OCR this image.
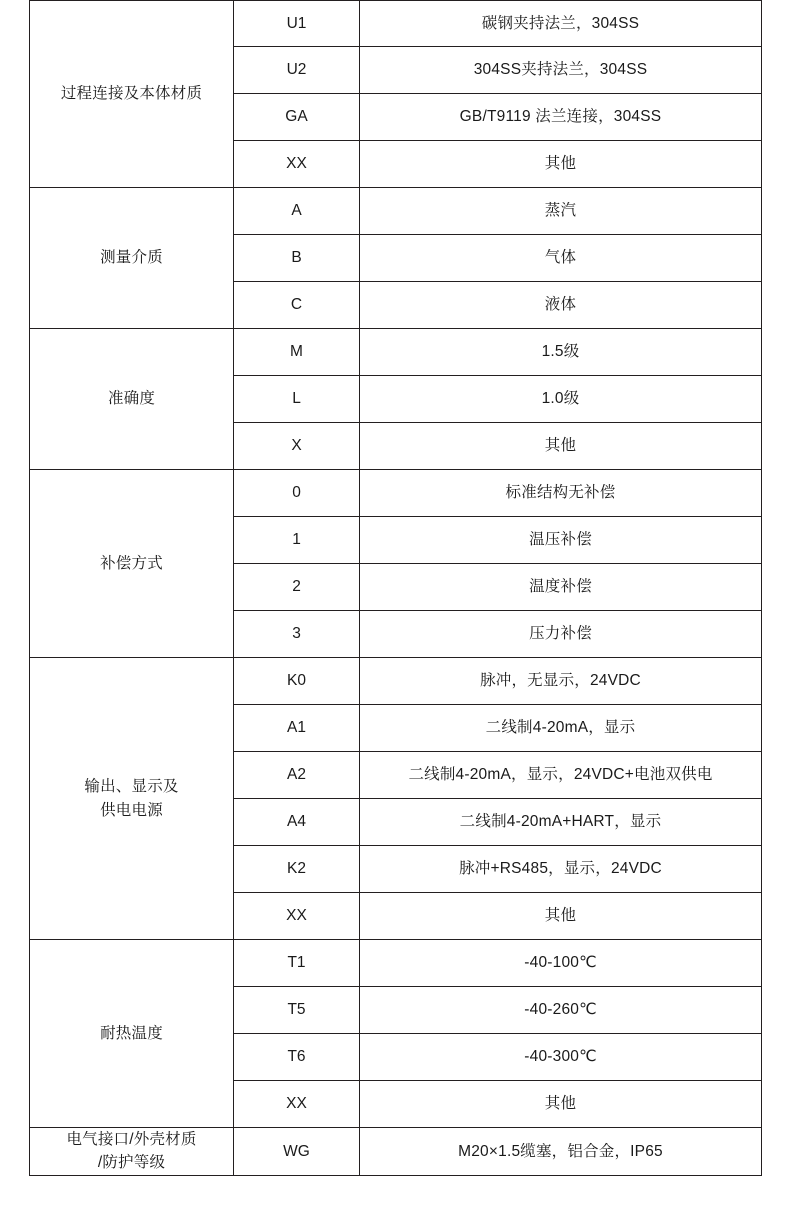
过程连接及本体材质	U1	碳钢夹持法兰，304SS
	U2	304SS夹持法兰，304SS
	GA	GB/T9119 法兰连接，304SS
	XX	其他

测量介质	A	蒸汽
	B	气体
	C	液体

准确度	M	1.5级
	L	1.0级
	X	其他

补偿方式	0	标准结构无补偿
	1	温压补偿
	2	温度补偿
	3	压力补偿

输出、显示及
供电电源	K0	脉冲，无显示，24VDC
	A1	二线制4-20mA，显示
	A2	二线制4-20mA，显示，24VDC+电池双供电
	A4	二线制4-20mA+HART，显示
	K2	脉冲+RS485，显示，24VDC
	XX	其他

耐热温度	T1	-40-100℃
	T5	-40-260℃
	T6	-40-300℃
	XX	其他

电气接口/外壳材质
/防护等级	WG	M20×1.5缆塞，铝合金，IP65
